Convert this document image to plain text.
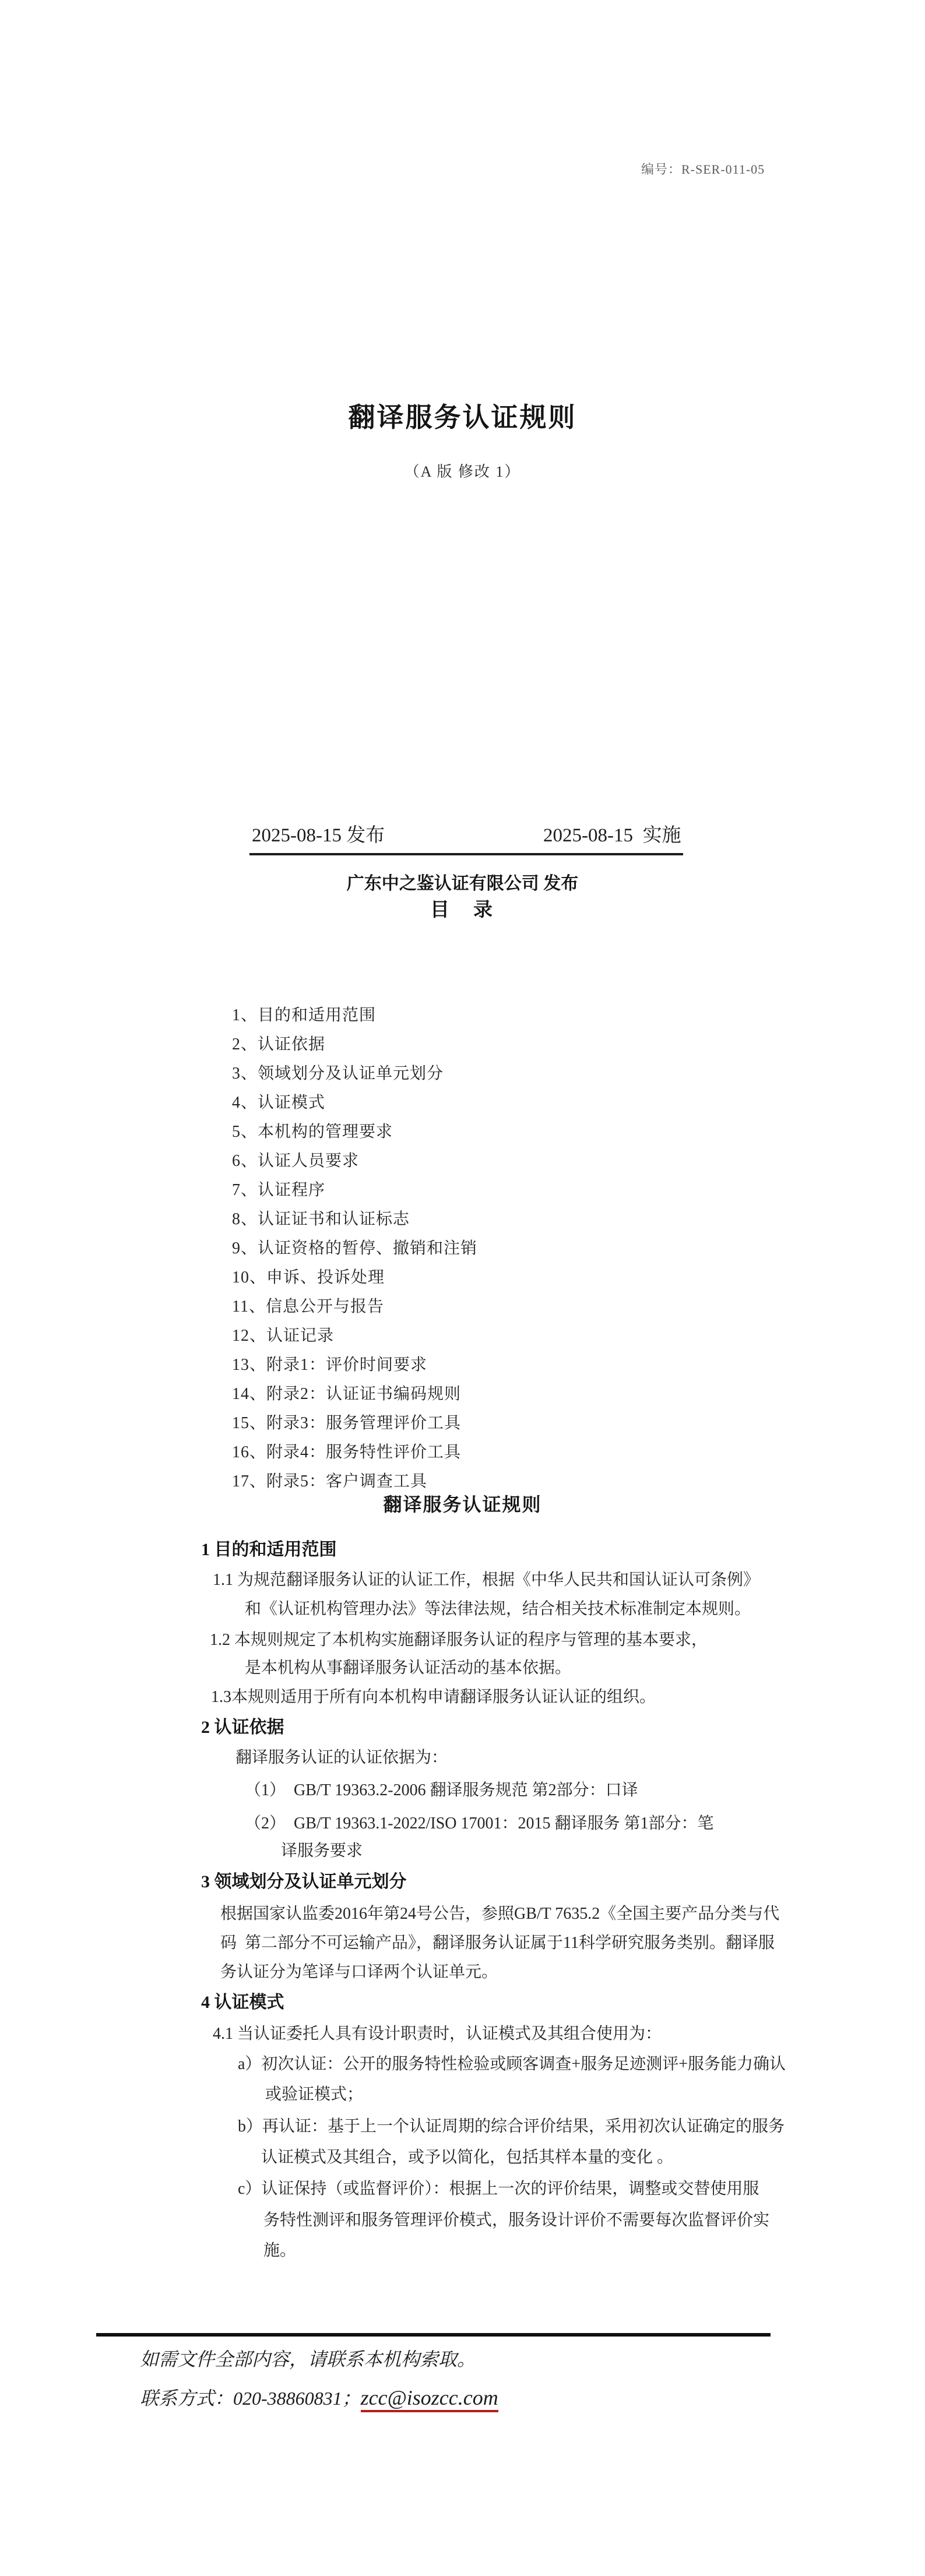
编号：R-SER-011-05
翻译服务认证规则
（A 版 修改 1）
2025-08-15 发布	2025-08-15  实施
广东中之鉴认证有限公司 发布
目　录
1、目的和适用范围
2、认证依据
3、领域划分及认证单元划分
4、认证模式
5、本机构的管理要求
6、认证人员要求
7、认证程序
8、认证证书和认证标志
9、认证资格的暂停、撤销和注销
10、申诉、投诉处理
11、信息公开与报告
12、认证记录
13、附录1：评价时间要求
14、附录2：认证证书编码规则
15、附录3：服务管理评价工具
16、附录4：服务特性评价工具
17、附录5：客户调查工具
翻译服务认证规则
1 目的和适用范围
1.1 为规范翻译服务认证的认证工作，根据《中华人民共和国认证认可条例》
和《认证机构管理办法》等法律法规，结合相关技术标准制定本规则。
1.2 本规则规定了本机构实施翻译服务认证的程序与管理的基本要求，
是本机构从事翻译服务认证活动的基本依据。
1.3本规则适用于所有向本机构申请翻译服务认证认证的组织。
2 认证依据
翻译服务认证的认证依据为：
（1）  GB/T 19363.2-2006 翻译服务规范 第2部分：口译
（2）  GB/T 19363.1-2022/ISO 17001：2015 翻译服务 第1部分：笔
译服务要求
3 领域划分及认证单元划分
根据国家认监委2016年第24号公告，参照GB/T 7635.2《全国主要产品分类与代
码  第二部分不可运输产品》，翻译服务认证属于11科学研究服务类别。翻译服
务认证分为笔译与口译两个认证单元。
4 认证模式
4.1 当认证委托人具有设计职责时，认证模式及其组合使用为：
a）初次认证：公开的服务特性检验或顾客调查+服务足迹测评+服务能力确认
或验证模式；
b）再认证：基于上一个认证周期的综合评价结果，采用初次认证确定的服务
认证模式及其组合，或予以简化，包括其样本量的变化 。
c）认证保持（或监督评价）：根据上一次的评价结果，调整或交替使用服
务特性测评和服务管理评价模式，服务设计评价不需要每次监督评价实
施。
如需文件全部内容，请联系本机构索取。
联系方式：020-38860831；zcc@isozcc.com
